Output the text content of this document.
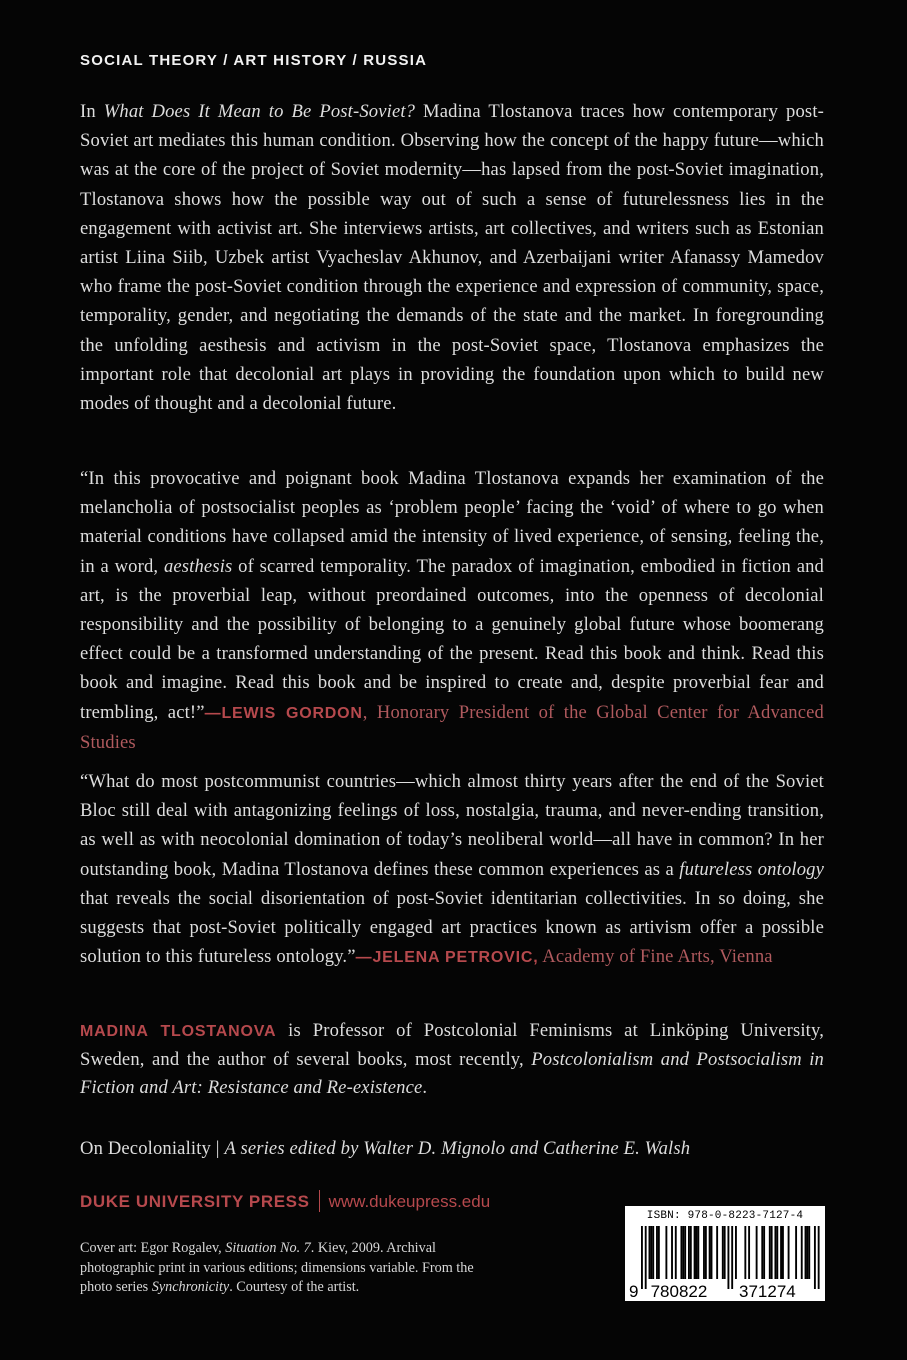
SOCIAL THEORY / ART HISTORY / RUSSIA
In What Does It Mean to Be Post-Soviet? Madina Tlostanova traces how contemporary post-Soviet art mediates this human condition. Observing how the concept of the happy future—which was at the core of the project of Soviet modernity—has lapsed from the post-Soviet imagination, Tlostanova shows how the possible way out of such a sense of futurelessness lies in the engagement with activist art. She interviews artists, art collectives, and writers such as Estonian artist Liina Siib, Uzbek artist Vyacheslav Akhunov, and Azerbaijani writer Afanassy Mamedov who frame the post-Soviet condition through the experience and expression of community, space, temporality, gender, and negotiating the demands of the state and the market. In foregrounding the unfolding aesthesis and activism in the post-Soviet space, Tlostanova emphasizes the important role that decolonial art plays in providing the foundation upon which to build new modes of thought and a decolonial future.
“In this provocative and poignant book Madina Tlostanova expands her examination of the melancholia of postsocialist peoples as ‘problem people’ facing the ‘void’ of where to go when material conditions have collapsed amid the intensity of lived experience, of sensing, feeling the, in a word, aesthesis of scarred temporality. The paradox of imagination, embodied in fiction and art, is the proverbial leap, without preordained outcomes, into the openness of decolonial responsibility and the possibility of belonging to a genuinely global future whose boomerang effect could be a transformed understanding of the present. Read this book and think. Read this book and imagine. Read this book and be inspired to create and, despite proverbial fear and trembling, act!”—LEWIS GORDON, Honorary President of the Global Center for Advanced Studies
“What do most postcommunist countries—which almost thirty years after the end of the Soviet Bloc still deal with antagonizing feelings of loss, nostalgia, trauma, and never-ending transition, as well as with neocolonial domination of today’s neoliberal world—all have in common? In her outstanding book, Madina Tlostanova defines these common experiences as a futureless ontology that reveals the social disorientation of post-Soviet identitarian collectivities. In so doing, she suggests that post-Soviet politically engaged art practices known as artivism offer a possible solution to this futureless ontology.”—JELENA PETROVIC, Academy of Fine Arts, Vienna
MADINA TLOSTANOVA is Professor of Postcolonial Feminisms at Linköping University, Sweden, and the author of several books, most recently, Postcolonialism and Postsocialism in Fiction and Art: Resistance and Re-existence.
On Decoloniality | A series edited by Walter D. Mignolo and Catherine E. Walsh
DUKE UNIVERSITY PRESS www.dukeupress.edu
Cover art: Egor Rogalev, Situation No. 7. Kiev, 2009. Archival photographic print in various editions; dimensions variable. From the photo series Synchronicity. Courtesy of the artist.
ISBN: 978-0-8223-7127-4
9 780822 371274
